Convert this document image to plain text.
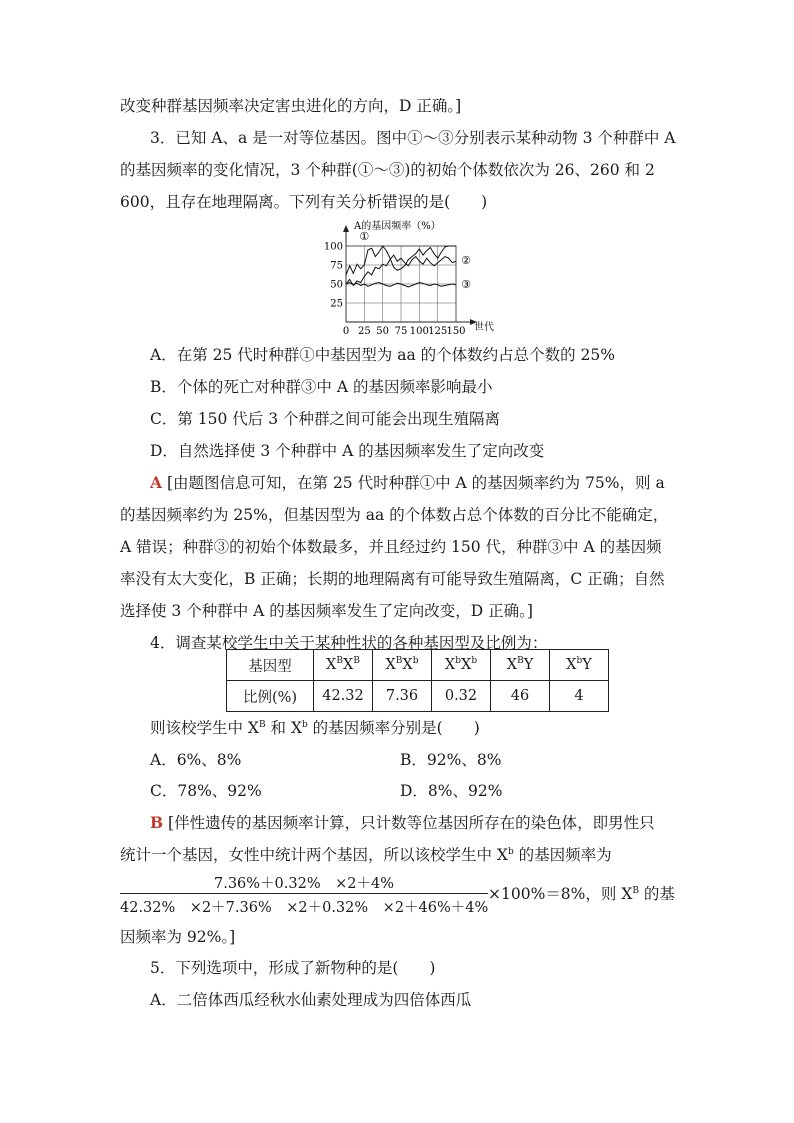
改变种群基因频率决定害虫进化的方向，D 正确。]
3．已知 A、a 是一对等位基因。图中①～③分别表示某种动物 3 个种群中 A
的基因频率的变化情况，3 个种群(①～③)的初始个体数依次为 26、260 和 2
600，且存在地理隔离。下列有关分析错误的是(　　)
A的基因频率（%）
①
②
③
25
50
75
100
0 25 50 75 100 125 150 世代
A．在第 25 代时种群①中基因型为 aa 的个体数约占总个数的 25%
B．个体的死亡对种群③中 A 的基因频率影响最小
C．第 150 代后 3 个种群之间可能会出现生殖隔离
D．自然选择使 3 个种群中 A 的基因频率发生了定向改变
A [由题图信息可知，在第 25 代时种群①中 A 的基因频率约为 75%，则 a
的基因频率约为 25%，但基因型为 aa 的个体数占总个体数的百分比不能确定，
A 错误；种群③的初始个体数最多，并且经过约 150 代，种群③中 A 的基因频
率没有太大变化，B 正确；长期的地理隔离有可能导致生殖隔离，C 正确；自然
选择使 3 个种群中 A 的基因频率发生了定向改变，D 正确。]
4．调查某校学生中关于某种性状的各种基因型及比例为：
基因型	$X^BX^B$	$X^BX^b$	$X^bX^b$	$X^BY$	$X^bY$
比例(%)	42.32	7.36	0.32	46	4
则该校学生中 $X^B$ 和 $X^b$ 的基因频率分别是(　　)
A．6%、8%	B．92%、8%
C．78%、92%	D．8%、92%
B [伴性遗传的基因频率计算，只计数等位基因所存在的染色体，即男性只
统计一个基因，女性中统计两个基因，所以该校学生中 $X^b$ 的基因频率为
7.36%＋0.32%　×2＋4%
42.32%　×2＋7.36%　×2＋0.32%　×2＋46%＋4%
×100%＝8%，则 $X^B$ 的基
因频率为 92%。]
5．下列选项中，形成了新物种的是(　　)
A．二倍体西瓜经秋水仙素处理成为四倍体西瓜
